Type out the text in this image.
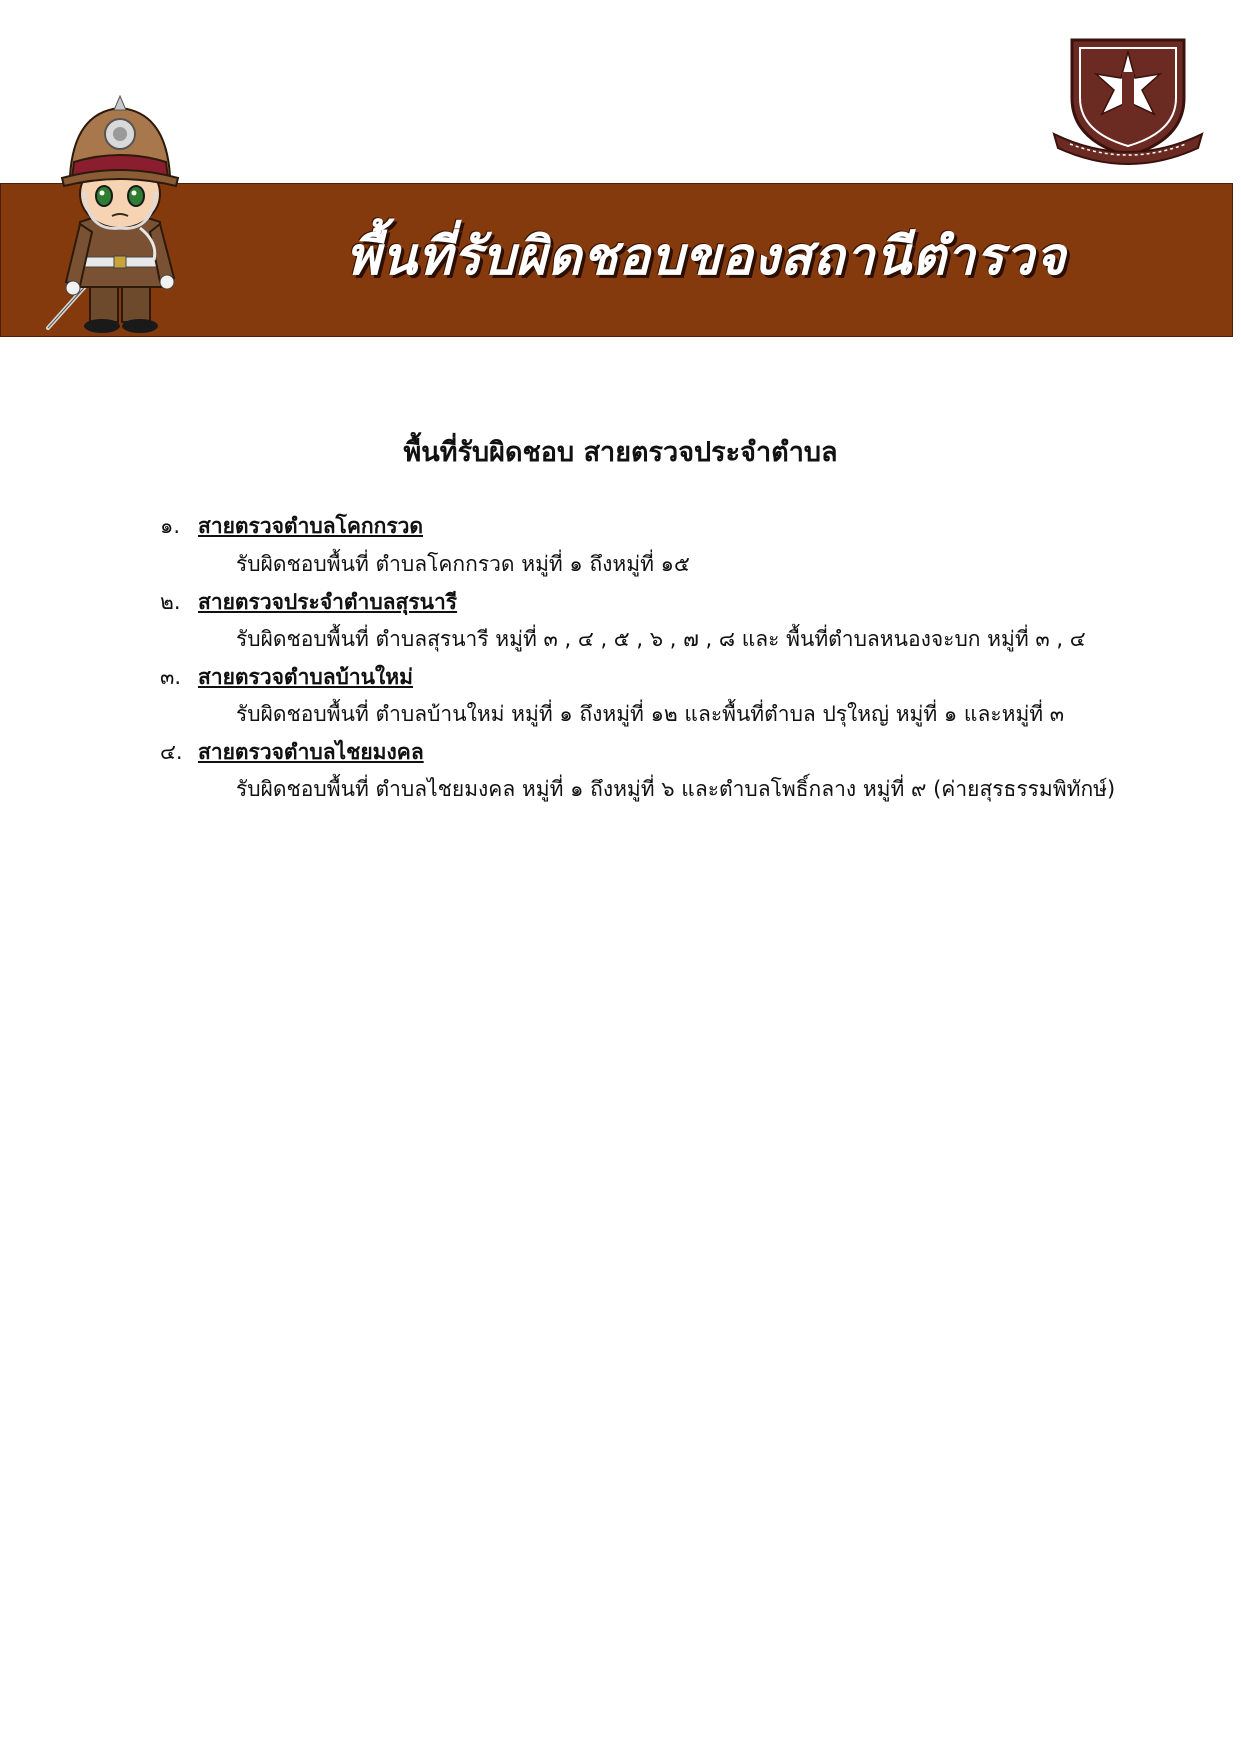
พื้นที่รับผิดชอบของสถานีตำรวจ
พื้นที่รับผิดชอบ สายตรวจประจำตำบล
๑. สายตรวจตำบลโคกกรวด
รับผิดชอบพื้นที่ ตำบลโคกกรวด หมู่ที่ ๑ ถึงหมู่ที่ ๑๕
๒. สายตรวจประจำตำบลสุรนารี
รับผิดชอบพื้นที่ ตำบลสุรนารี หมู่ที่ ๓ , ๔ , ๕ , ๖ , ๗ , ๘ และ พื้นที่ตำบลหนองจะบก หมู่ที่ ๓ , ๔
๓. สายตรวจตำบลบ้านใหม่
รับผิดชอบพื้นที่ ตำบลบ้านใหม่ หมู่ที่ ๑ ถึงหมู่ที่ ๑๒ และพื้นที่ตำบล ปรุใหญ่ หมู่ที่ ๑ และหมู่ที่ ๓
๔. สายตรวจตำบลไชยมงคล
รับผิดชอบพื้นที่ ตำบลไชยมงคล หมู่ที่ ๑ ถึงหมู่ที่ ๖ และตำบลโพธิ์กลาง หมู่ที่ ๙ (ค่ายสุรธรรมพิทักษ์)
